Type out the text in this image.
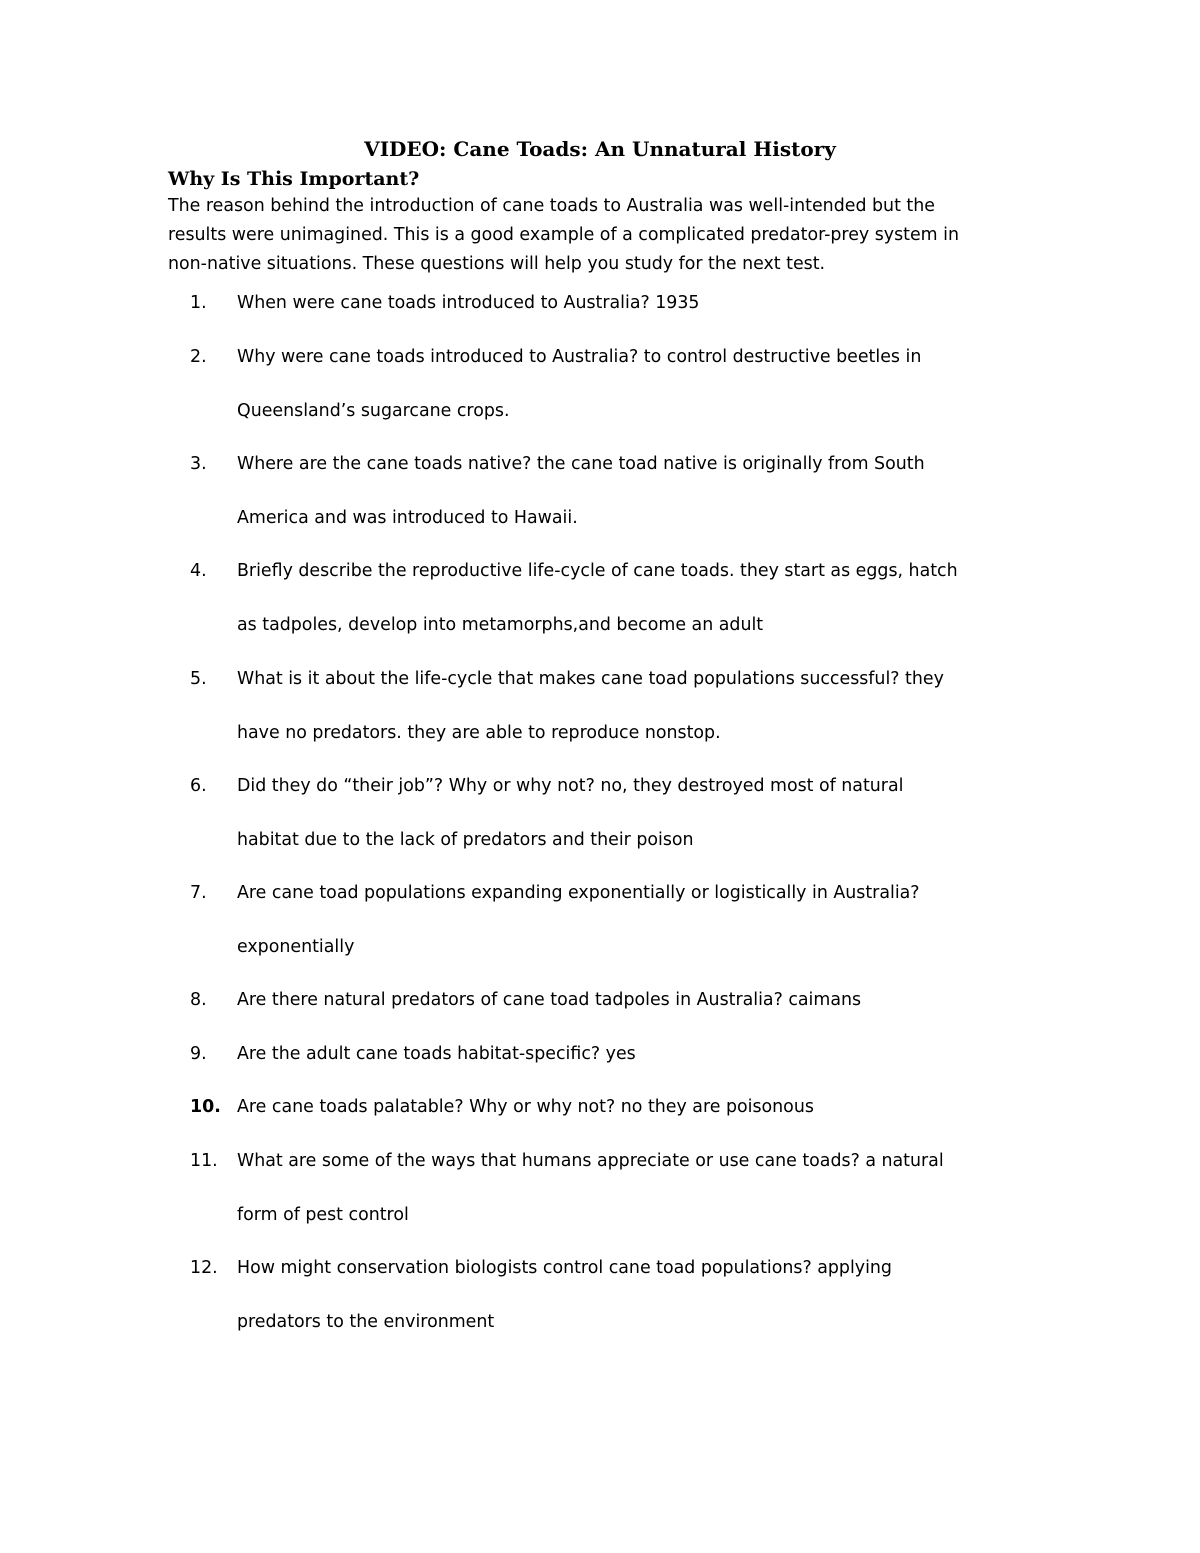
VIDEO: Cane Toads: An Unnatural History
Why Is This Important?
The reason behind the introduction of cane toads to Australia was well-intended but the
results were unimagined. This is a good example of a complicated predator-prey system in
non-native situations. These questions will help you study for the next test.
1.	When were cane toads introduced to Australia? 1935
2.	Why were cane toads introduced to Australia? to control destructive beetles in
Queensland’s sugarcane crops.
3.	Where are the cane toads native? the cane toad native is originally from South
America and was introduced to Hawaii.
4.	Briefly describe the reproductive life-cycle of cane toads. they start as eggs, hatch
as tadpoles, develop into metamorphs,and become an adult
5.	What is it about the life-cycle that makes cane toad populations successful? they
have no predators. they are able to reproduce nonstop.
6.	Did they do “their job”? Why or why not? no, they destroyed most of natural
habitat due to the lack of predators and their poison
7.	Are cane toad populations expanding exponentially or logistically in Australia?
exponentially
8.	Are there natural predators of cane toad tadpoles in Australia? caimans
9.	Are the adult cane toads habitat-specific? yes
10. Are cane toads palatable? Why or why not? no they are poisonous
11.	What are some of the ways that humans appreciate or use cane toads? a natural
form of pest control
12.	How might conservation biologists control cane toad populations? applying
predators to the environment
